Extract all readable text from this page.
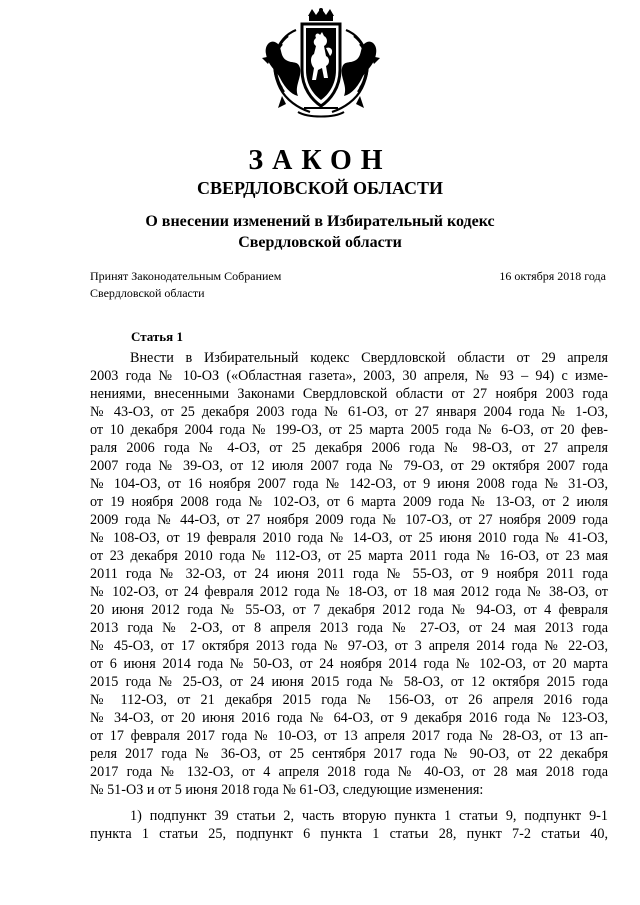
ЗАКОН
СВЕРДЛОВСКОЙ ОБЛАСТИ
О внесении изменений в Избирательный кодекс
Свердловской области
Принят Законодательным Собранием
Свердловской области
16 октября 2018 года
Статья 1
Внести в Избирательный кодекс Свердловской области от 29 апреля
2003 года № 10-ОЗ («Областная газета», 2003, 30 апреля, № 93 – 94) с изме-
нениями, внесенными Законами Свердловской области от 27 ноября 2003 года
№ 43-ОЗ, от 25 декабря 2003 года № 61-ОЗ, от 27 января 2004 года № 1-ОЗ,
от 10 декабря 2004 года № 199-ОЗ, от 25 марта 2005 года № 6-ОЗ, от 20 фев-
раля 2006 года № 4-ОЗ, от 25 декабря 2006 года № 98-ОЗ, от 27 апреля
2007 года № 39-ОЗ, от 12 июля 2007 года № 79-ОЗ, от 29 октября 2007 года
№ 104-ОЗ, от 16 ноября 2007 года № 142-ОЗ, от 9 июня 2008 года № 31-ОЗ,
от 19 ноября 2008 года № 102-ОЗ, от 6 марта 2009 года № 13-ОЗ, от 2 июля
2009 года № 44-ОЗ, от 27 ноября 2009 года № 107-ОЗ, от 27 ноября 2009 года
№ 108-ОЗ, от 19 февраля 2010 года № 14-ОЗ, от 25 июня 2010 года № 41-ОЗ,
от 23 декабря 2010 года № 112-ОЗ, от 25 марта 2011 года № 16-ОЗ, от 23 мая
2011 года № 32-ОЗ, от 24 июня 2011 года № 55-ОЗ, от 9 ноября 2011 года
№ 102-ОЗ, от 24 февраля 2012 года № 18-ОЗ, от 18 мая 2012 года № 38-ОЗ, от
20 июня 2012 года № 55-ОЗ, от 7 декабря 2012 года № 94-ОЗ, от 4 февраля
2013 года № 2-ОЗ, от 8 апреля 2013 года № 27-ОЗ, от 24 мая 2013 года
№ 45-ОЗ, от 17 октября 2013 года № 97-ОЗ, от 3 апреля 2014 года № 22-ОЗ,
от 6 июня 2014 года № 50-ОЗ, от 24 ноября 2014 года № 102-ОЗ, от 20 марта
2015 года № 25-ОЗ, от 24 июня 2015 года № 58-ОЗ, от 12 октября 2015 года
№ 112-ОЗ, от 21 декабря 2015 года № 156-ОЗ, от 26 апреля 2016 года
№ 34-ОЗ, от 20 июня 2016 года № 64-ОЗ, от 9 декабря 2016 года № 123-ОЗ,
от 17 февраля 2017 года № 10-ОЗ, от 13 апреля 2017 года № 28-ОЗ, от 13 ап-
реля 2017 года № 36-ОЗ, от 25 сентября 2017 года № 90-ОЗ, от 22 декабря
2017 года № 132-ОЗ, от 4 апреля 2018 года № 40-ОЗ, от 28 мая 2018 года
№ 51-ОЗ и от 5 июня 2018 года № 61-ОЗ, следующие изменения:
1) подпункт 39 статьи 2, часть вторую пункта 1 статьи 9, подпункт 9-1
пункта 1 статьи 25, подпункт 6 пункта 1 статьи 28, пункт 7-2 статьи 40,
